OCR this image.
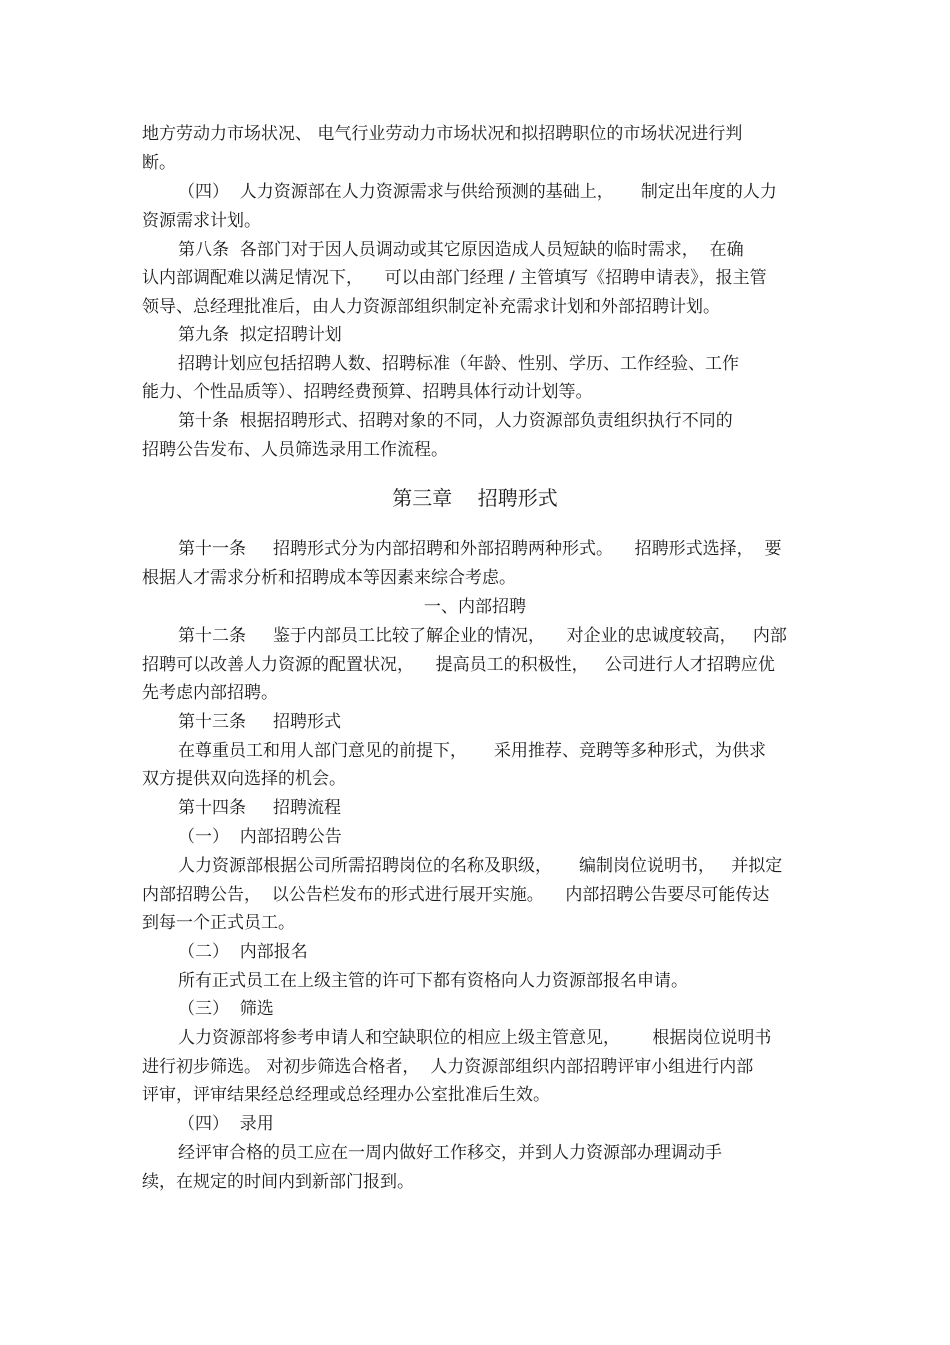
地方劳动力市场状况、 电气行业劳动力市场状况和拟招聘职位的市场状况进行判
断。
（四）  人力资源部在人力资源需求与供给预测的基础上，     制定出年度的人力
资源需求计划。
第八条  各部门对于因人员调动或其它原因造成人员短缺的临时需求，  在确
认内部调配难以满足情况下，    可以由部门经理 / 主管填写《招聘申请表》，报主管
领导、总经理批准后，由人力资源部组织制定补充需求计划和外部招聘计划。
第九条  拟定招聘计划
招聘计划应包括招聘人数、招聘标准（年龄、性别、学历、工作经验、工作
能力、个性品质等）、招聘经费预算、招聘具体行动计划等。
第十条  根据招聘形式、招聘对象的不同，人力资源部负责组织执行不同的
招聘公告发布、人员筛选录用工作流程。
第三章    招聘形式
第十一条     招聘形式分为内部招聘和外部招聘两种形式。    招聘形式选择，  要
根据人才需求分析和招聘成本等因素来综合考虑。
一、内部招聘
第十二条     鉴于内部员工比较了解企业的情况，    对企业的忠诚度较高，   内部
招聘可以改善人力资源的配置状况，    提高员工的积极性，   公司进行人才招聘应优
先考虑内部招聘。
第十三条     招聘形式
在尊重员工和用人部门意见的前提下，     采用推荐、竞聘等多种形式，为供求
双方提供双向选择的机会。
第十四条     招聘流程
（一）  内部招聘公告
人力资源部根据公司所需招聘岗位的名称及职级，     编制岗位说明书，   并拟定
内部招聘公告，  以公告栏发布的形式进行展开实施。    内部招聘公告要尽可能传达
到每一个正式员工。
（二）  内部报名
所有正式员工在上级主管的许可下都有资格向人力资源部报名申请。
（三）  筛选
人力资源部将参考申请人和空缺职位的相应上级主管意见，      根据岗位说明书
进行初步筛选。 对初步筛选合格者，  人力资源部组织内部招聘评审小组进行内部
评审，评审结果经总经理或总经理办公室批准后生效。
（四）  录用
经评审合格的员工应在一周内做好工作移交，并到人力资源部办理调动手
续，在规定的时间内到新部门报到。
